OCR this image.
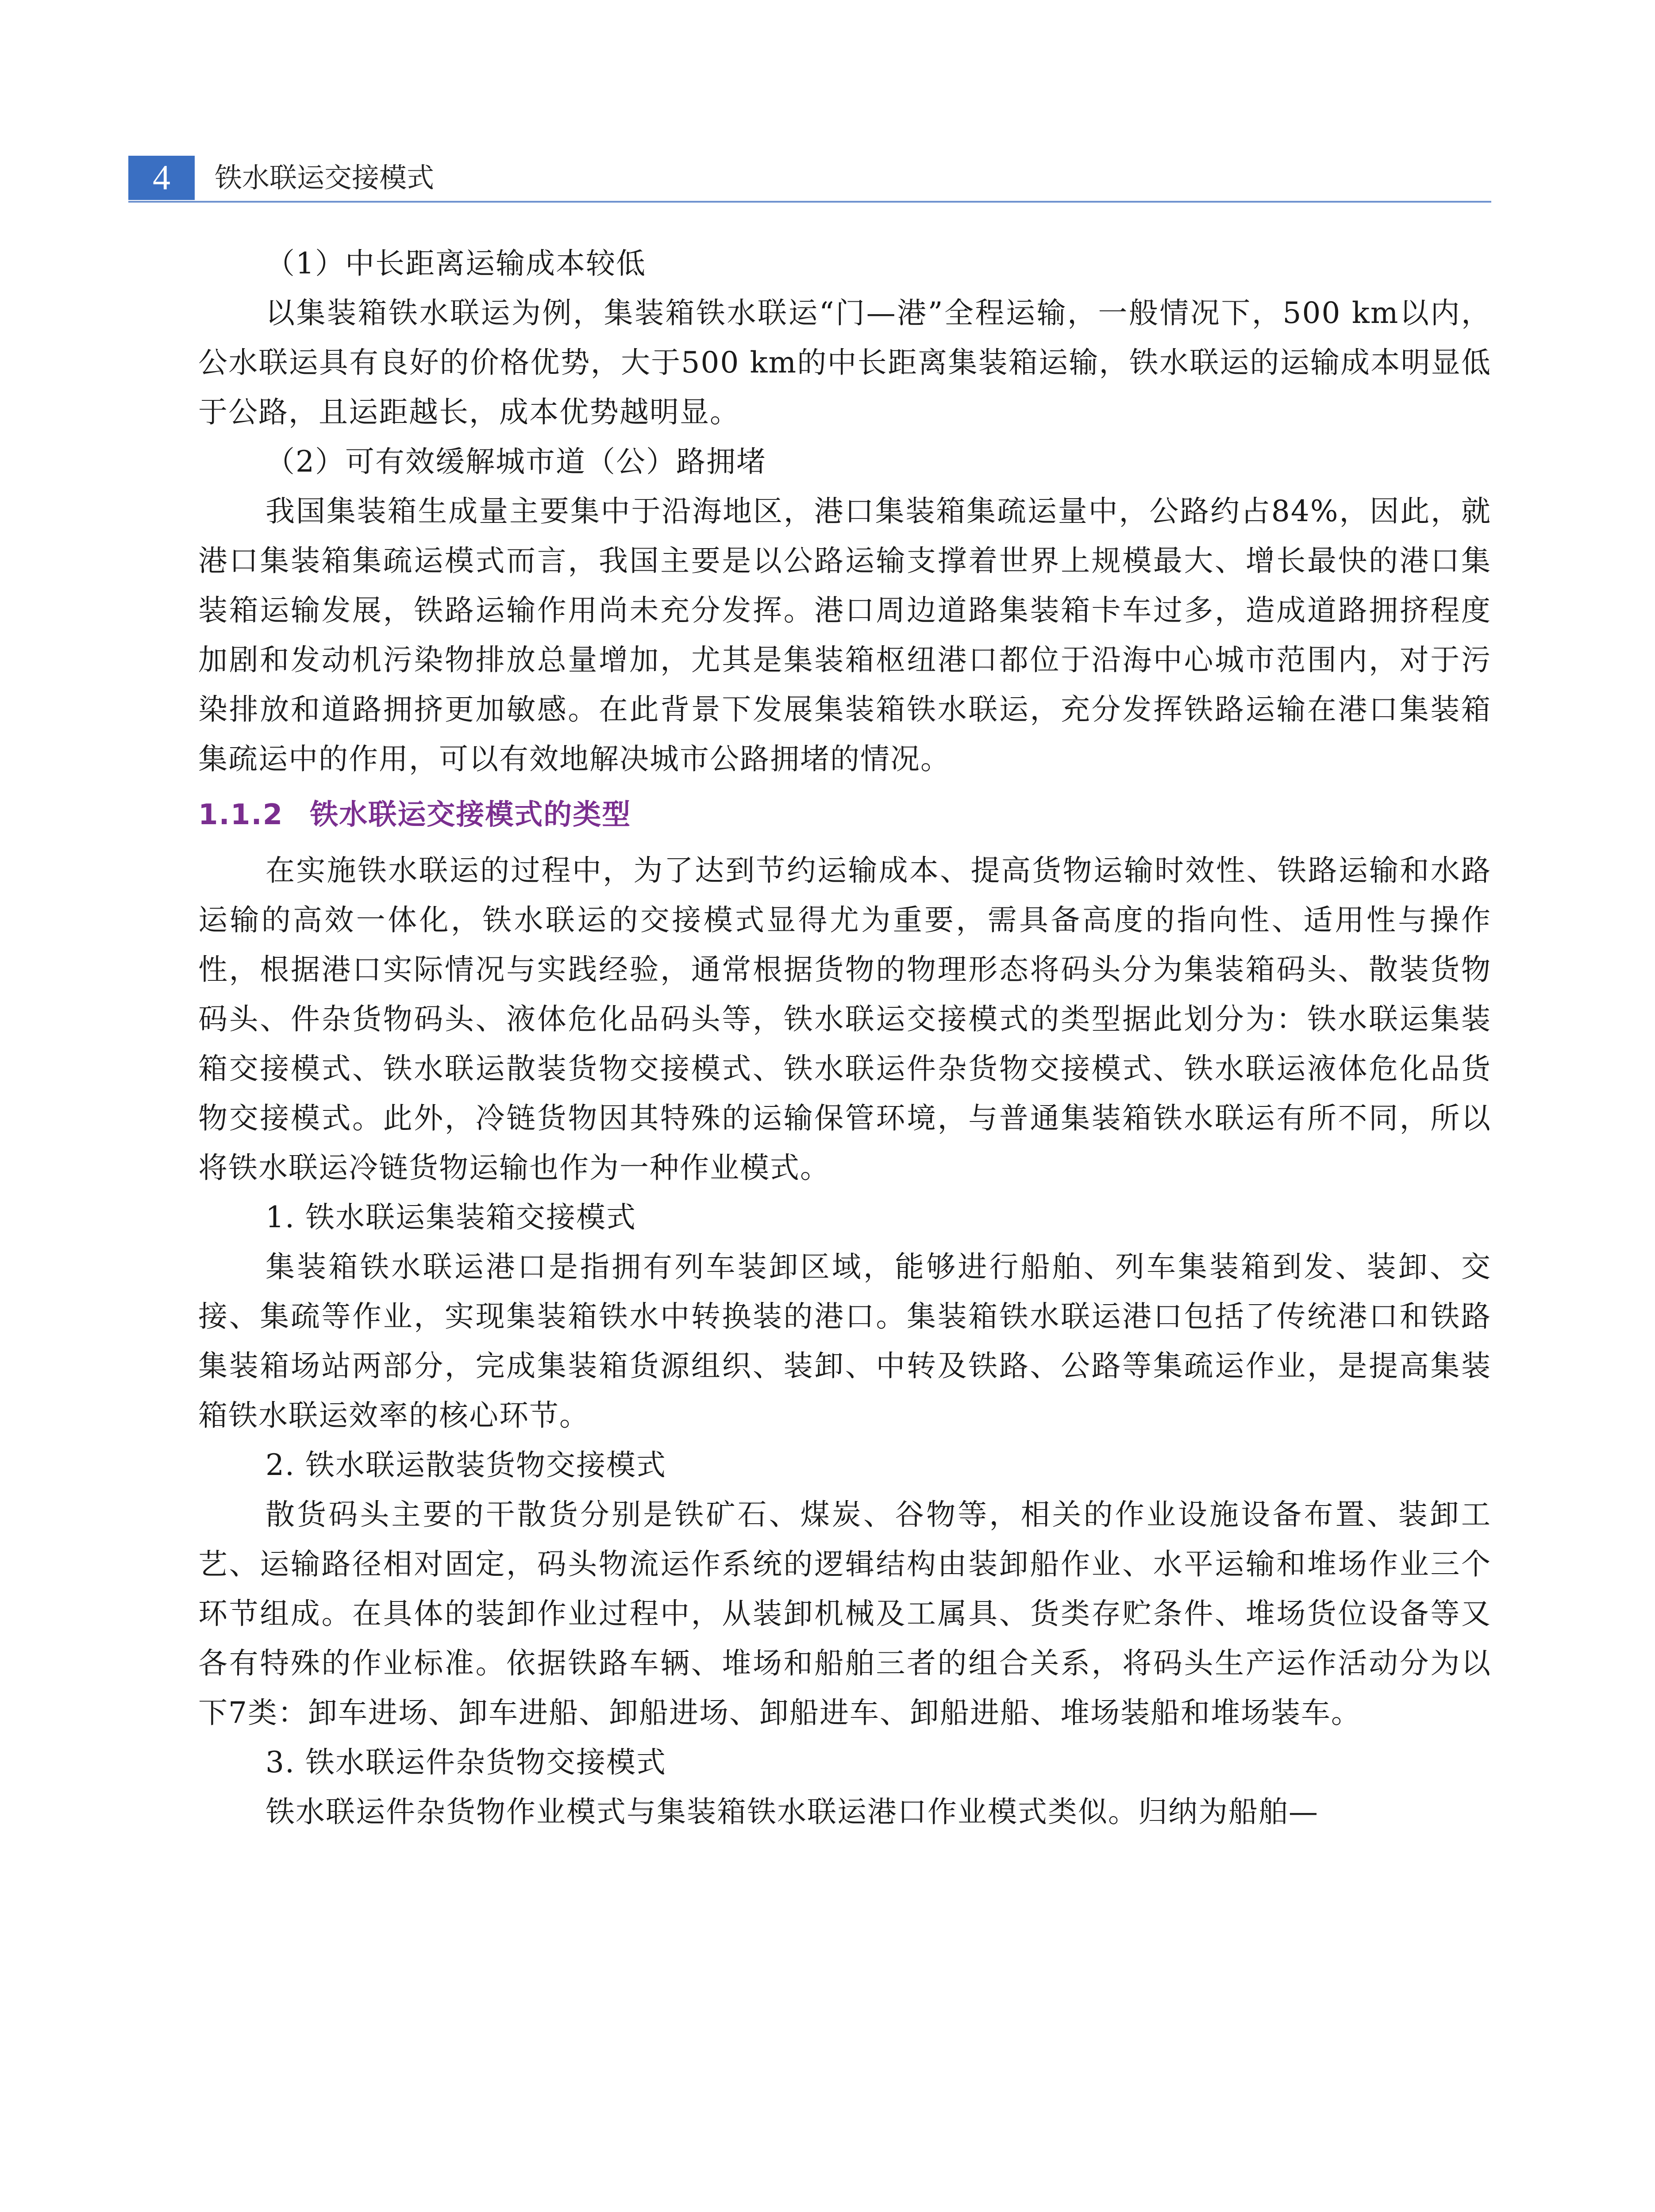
4	铁水联运交接模式

（1）中长距离运输成本较低

以集装箱铁水联运为例，集装箱铁水联运“门—港”全程运输，一般情况下，500 km以内，公水联运具有良好的价格优势，大于500 km的中长距离集装箱运输，铁水联运的运输成本明显低于公路，且运距越长，成本优势越明显。

（2）可有效缓解城市道（公）路拥堵

我国集装箱生成量主要集中于沿海地区，港口集装箱集疏运量中，公路约占84%，因此，就港口集装箱集疏运模式而言，我国主要是以公路运输支撑着世界上规模最大、增长最快的港口集装箱运输发展，铁路运输作用尚未充分发挥。港口周边道路集装箱卡车过多，造成道路拥挤程度加剧和发动机污染物排放总量增加，尤其是集装箱枢纽港口都位于沿海中心城市范围内，对于污染排放和道路拥挤更加敏感。在此背景下发展集装箱铁水联运，充分发挥铁路运输在港口集装箱集疏运中的作用，可以有效地解决城市公路拥堵的情况。

1.1.2 铁水联运交接模式的类型

在实施铁水联运的过程中，为了达到节约运输成本、提高货物运输时效性、铁路运输和水路运输的高效一体化，铁水联运的交接模式显得尤为重要，需具备高度的指向性、适用性与操作性，根据港口实际情况与实践经验，通常根据货物的物理形态将码头分为集装箱码头、散装货物码头、件杂货物码头、液体危化品码头等，铁水联运交接模式的类型据此划分为：铁水联运集装箱交接模式、铁水联运散装货物交接模式、铁水联运件杂货物交接模式、铁水联运液体危化品货物交接模式。此外，冷链货物因其特殊的运输保管环境，与普通集装箱铁水联运有所不同，所以将铁水联运冷链货物运输也作为一种作业模式。

1. 铁水联运集装箱交接模式

集装箱铁水联运港口是指拥有列车装卸区域，能够进行船舶、列车集装箱到发、装卸、交接、集疏等作业，实现集装箱铁水中转换装的港口。集装箱铁水联运港口包括了传统港口和铁路集装箱场站两部分，完成集装箱货源组织、装卸、中转及铁路、公路等集疏运作业，是提高集装箱铁水联运效率的核心环节。

2. 铁水联运散装货物交接模式

散货码头主要的干散货分别是铁矿石、煤炭、谷物等，相关的作业设施设备布置、装卸工艺、运输路径相对固定，码头物流运作系统的逻辑结构由装卸船作业、水平运输和堆场作业三个环节组成。在具体的装卸作业过程中，从装卸机械及工属具、货类存贮条件、堆场货位设备等又各有特殊的作业标准。依据铁路车辆、堆场和船舶三者的组合关系，将码头生产运作活动分为以下7类：卸车进场、卸车进船、卸船进场、卸船进车、卸船进船、堆场装船和堆场装车。

3. 铁水联运件杂货物交接模式

铁水联运件杂货物作业模式与集装箱铁水联运港口作业模式类似。归纳为船舶—
